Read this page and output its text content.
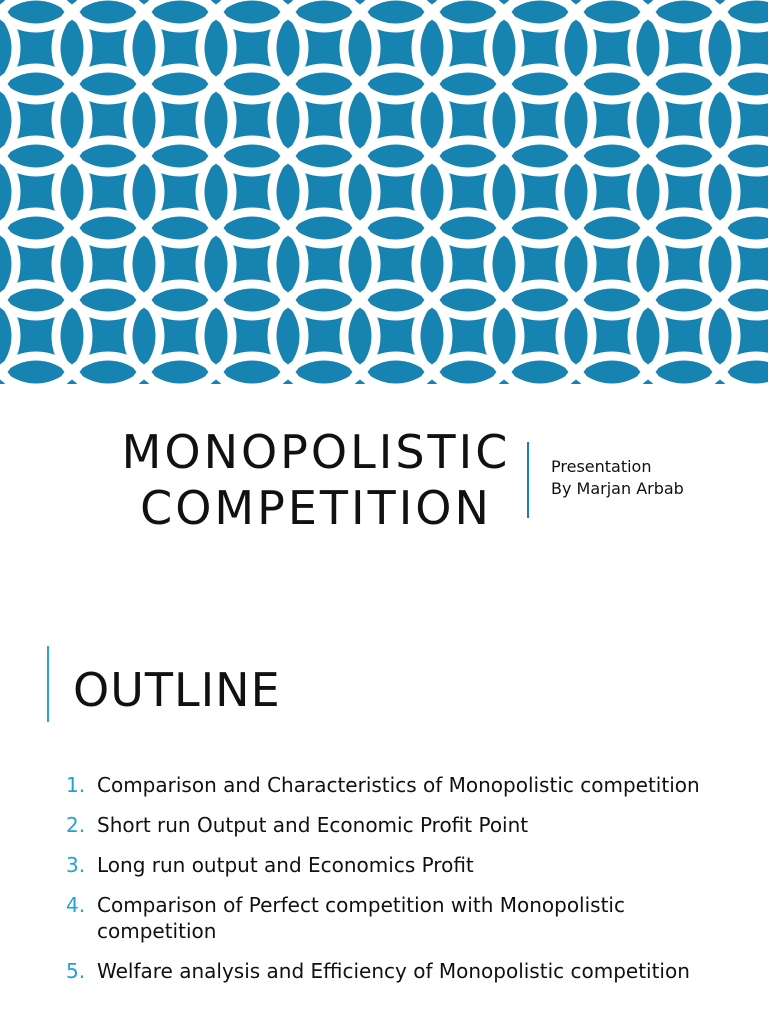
MONOPOLISTIC
COMPETITION
Presentation
By Marjan Arbab
OUTLINE
1. Comparison and Characteristics of Monopolistic competition
2. Short run Output and Economic Profit Point
3. Long run output and Economics Profit
4. Comparison of Perfect competition with Monopolistic competition
5. Welfare analysis and Efficiency of Monopolistic competition
